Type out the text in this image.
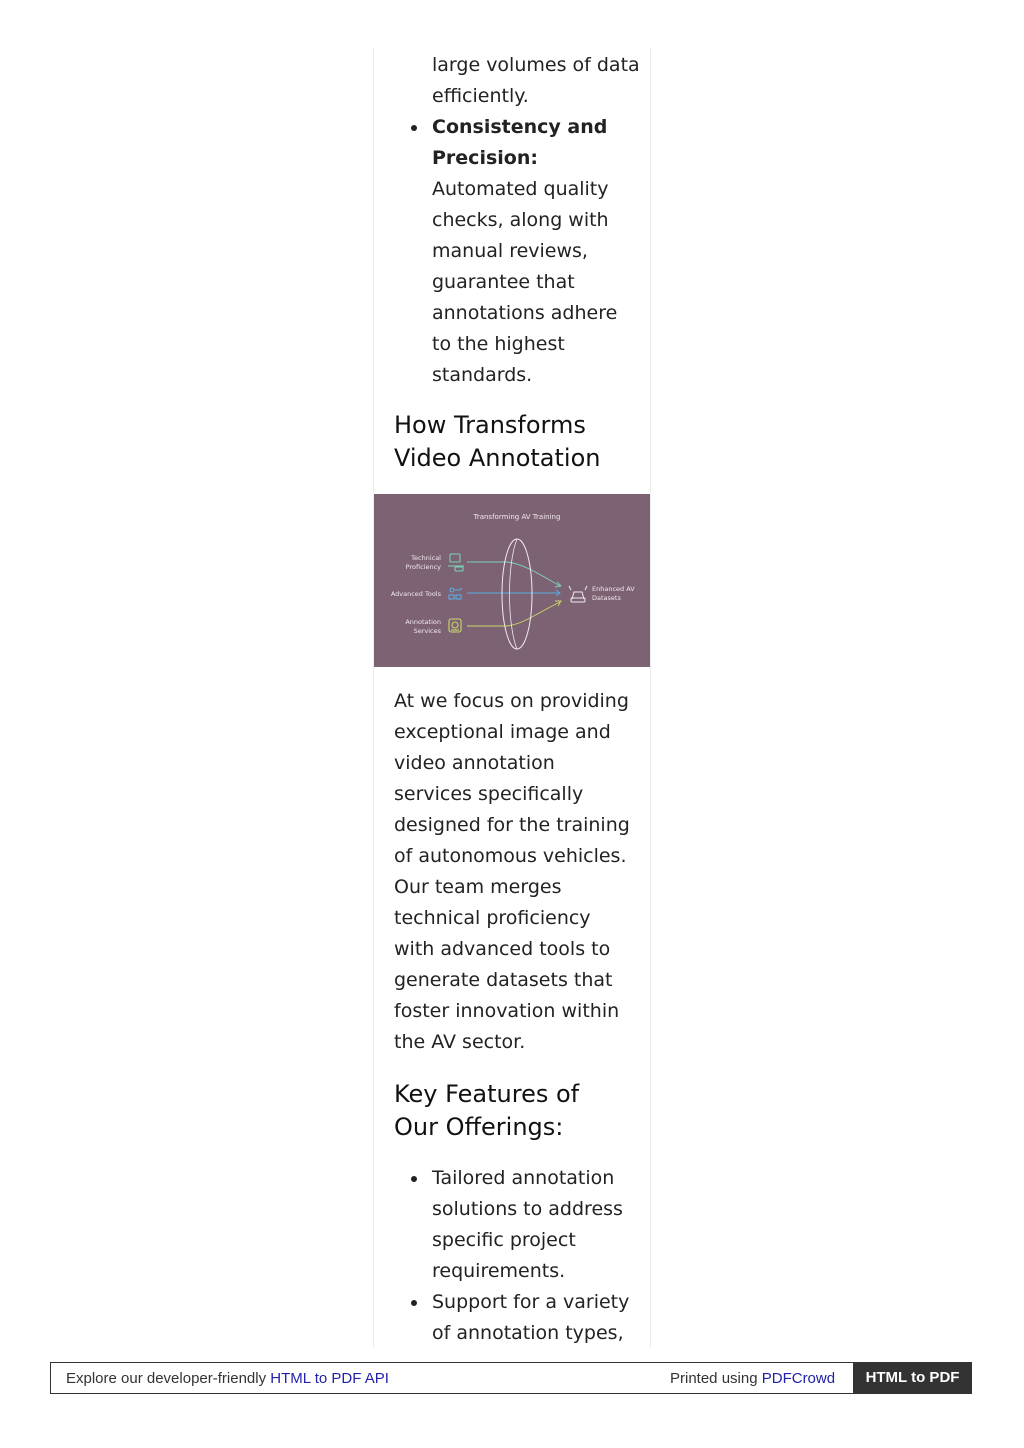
large volumes of data efficiently.

Consistency and Precision: Automated quality checks, along with manual reviews, guarantee that annotations adhere to the highest standards.

How Transforms Video Annotation
Transforming AV Training
Technical Proficiency
Advanced Tools
Annotation Services
Enhanced AV Datasets

At we focus on providing exceptional image and video annotation services specifically designed for the training of autonomous vehicles. Our team merges technical proficiency with advanced tools to generate datasets that foster innovation within the AV sector.

Key Features of Our Offerings:

Tailored annotation solutions to address specific project requirements.

Support for a variety of annotation types,

Explore our developer-friendly HTML to PDF API	Printed using PDFCrowd	HTML to PDF
